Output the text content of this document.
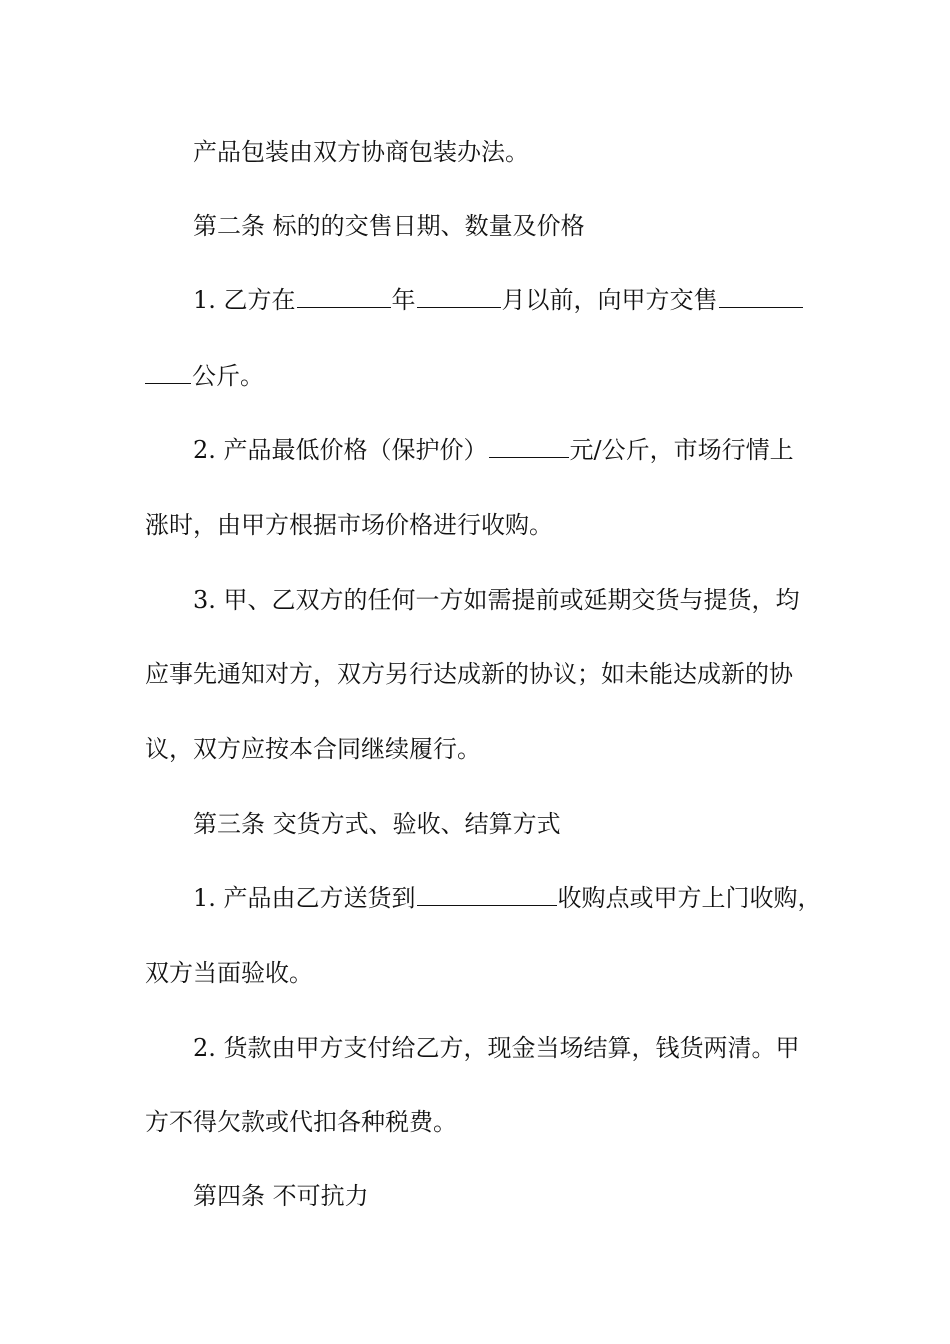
产品包装由双方协商包装办法。
第二条 标的的交售日期、数量及价格
1. 乙方在	年	月以前，向甲方交售
公斤。
2. 产品最低价格（保护价）	元/公斤，市场行情上
涨时，由甲方根据市场价格进行收购。
3. 甲、乙双方的任何一方如需提前或延期交货与提货，均
应事先通知对方，双方另行达成新的协议；如未能达成新的协
议，双方应按本合同继续履行。
第三条 交货方式、验收、结算方式
1. 产品由乙方送货到	收购点或甲方上门收购，
双方当面验收。
2. 货款由甲方支付给乙方，现金当场结算，钱货两清。甲
方不得欠款或代扣各种税费。
第四条 不可抗力
